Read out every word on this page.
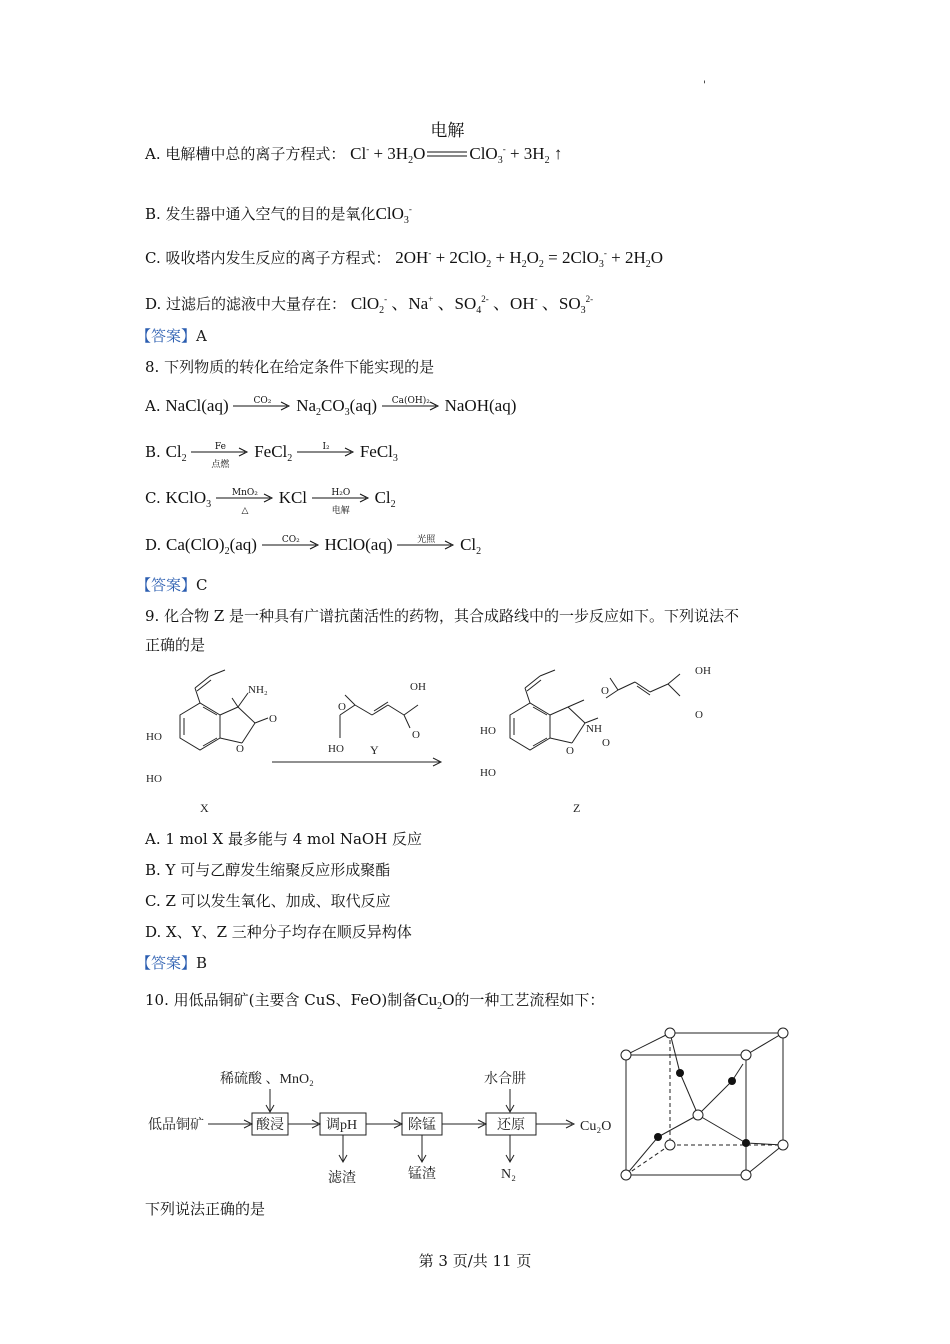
'
A. 电解槽中总的离子方程式： $Cl^- + 3H_2O$
电解
$ClO_3^- + 3H_2$ ↑
B. 发生器中通入空气的目的是氧化ClO$_3$-
C. 吸收塔内发生反应的离子方程式： $2OH^- + 2ClO_2 + H_2O_2 = 2ClO_3^- + 2H_2O$
D. 过滤后的滤液中大量存在： ClO$_2$- 、Na+ 、$SO_4^{2-}$ 、OH- 、$SO_3^{2-}$
【答案】A
8. 下列物质的转化在给定条件下能实现的是
A. NaCl(aq)	CO₂	$Na_2CO_3(aq)$	Ca(OH)₂ NaOH(aq)
B. $Cl_2$
Fe
点燃
FeCl$_2$
I₂	FeCl$_3$
C. KClO$_3$
MnO₂
△
KCl	H₂O
电解
$Cl_2$
D. $Ca(ClO)_2(aq)$	CO₂	HClO(aq)	光照	$Cl_2$
【答案】C
9. 化合物 Z 是一种具有广谱抗菌活性的药物，其合成路线中的一步反应如下。下列说法不
正确的是
NH₂
O
O
HO
HO
X
OH
O
O
HO Y
OH
O
NH
O
O
O
HO
HO
Z
A. 1 mol X 最多能与 4 mol NaOH 反应
B. Y 可与乙醇发生缩聚反应形成聚酯
C. Z 可以发生氧化、加成、取代反应
D. X、Y、Z 三种分子均存在顺反异构体
【答案】B
10. 用低品铜矿(主要含 CuS、FeO)制备$Cu_2O$的一种工艺流程如下：
低品铜矿	酸浸	调pH	除锰	还原
稀硫酸 、MnO₂	水合肼
Cu₂O
滤渣	锰渣	N₂
下列说法正确的是
第 3 页/共 11 页
